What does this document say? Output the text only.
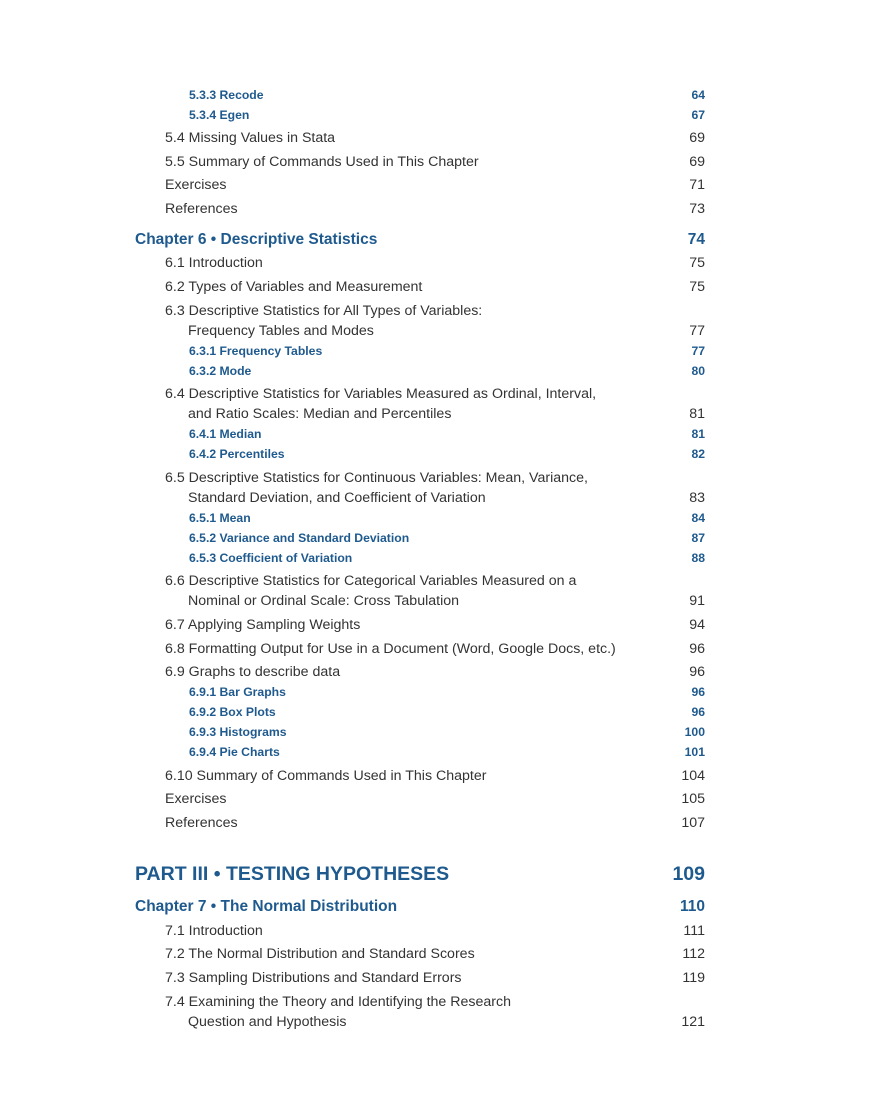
5.3.3 Recode	64
5.3.4 Egen	67
5.4 Missing Values in Stata	69
5.5 Summary of Commands Used in This Chapter	69
Exercises	71
References	73
Chapter 6 • Descriptive Statistics	74
6.1 Introduction	75
6.2 Types of Variables and Measurement	75
6.3 Descriptive Statistics for All Types of Variables:
Frequency Tables and Modes	77
6.3.1 Frequency Tables	77
6.3.2 Mode	80
6.4 Descriptive Statistics for Variables Measured as Ordinal, Interval,
and Ratio Scales: Median and Percentiles	81
6.4.1 Median	81
6.4.2 Percentiles	82
6.5 Descriptive Statistics for Continuous Variables: Mean, Variance,
Standard Deviation, and Coefficient of Variation	83
6.5.1 Mean	84
6.5.2 Variance and Standard Deviation	87
6.5.3 Coefficient of Variation	88
6.6 Descriptive Statistics for Categorical Variables Measured on a
Nominal or Ordinal Scale: Cross Tabulation	91
6.7 Applying Sampling Weights	94
6.8 Formatting Output for Use in a Document (Word, Google Docs, etc.)	96
6.9 Graphs to describe data	96
6.9.1 Bar Graphs	96
6.9.2 Box Plots	96
6.9.3 Histograms	100
6.9.4 Pie Charts	101
6.10 Summary of Commands Used in This Chapter	104
Exercises	105
References	107
PART III • TESTING HYPOTHESES	109
Chapter 7 • The Normal Distribution	110
7.1 Introduction	111
7.2 The Normal Distribution and Standard Scores	112
7.3 Sampling Distributions and Standard Errors	119
7.4 Examining the Theory and Identifying the Research
Question and Hypothesis	121
